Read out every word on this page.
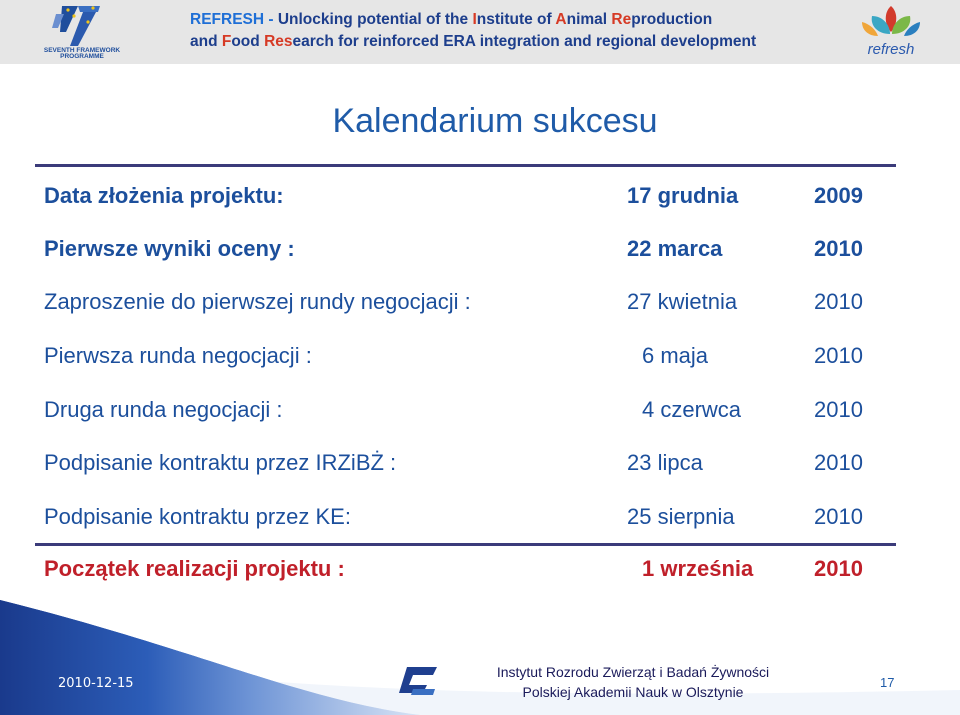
SEVENTH FRAMEWORK
PROGRAMME
REFRESH - Unlocking potential of the Institute of Animal Reproduction
and Food Research for reinforced ERA integration and regional development	refresh
Kalendarium sukcesu
Data złożenia projektu:	17 grudnia	2009
Pierwsze wyniki oceny :	22 marca	2010
Zaproszenie do pierwszej rundy negocjacji :	27 kwietnia	2010
Pierwsza runda negocjacji :	6 maja	2010
Druga runda negocjacji :	4 czerwca	2010
Podpisanie kontraktu przez IRZiBŻ :	23 lipca	2010
Podpisanie kontraktu przez KE:	25 sierpnia	2010
Początek realizacji projektu :	1 września	2010
2010-12-15
Instytut Rozrodu Zwierząt i Badań Żywności
Polskiej Akademii Nauk w Olsztynie
17
